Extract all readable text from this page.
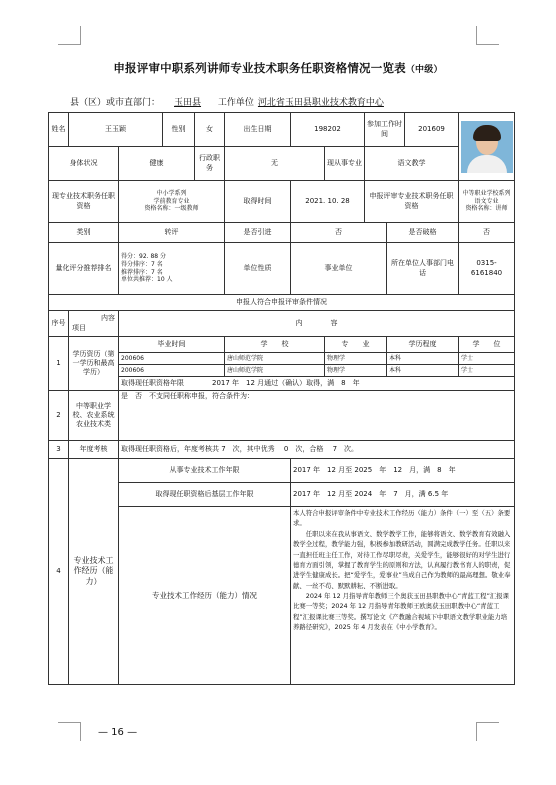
申报评审中职系列讲师专业技术职务任职资格情况一览表（中级）
县（区）或市直部门： 玉田县 工作单位 河北省玉田县职业技术教育中心
姓名	王玉颖		性别	女	出生日期	198202		参加工作时间		201609	

身体状况		健康		行政职务	无		现从事专业	语文教学			
现专业技术职务任职资格		中小学系列
学前教育专业
资格名称：一级教师			取得时间	2021. 10. 28		申报评审专业技术职务任职资格			中等职业学校系列
语文专业
资格名称：讲师
类别		转评			是否引进	否			是否破格		否
量化评分推荐排名		得分：92. 88 分
得分排序：7 名
推荐排序：7 名
单位共推荐：10 人			单位性质	事业单位			所在单位人事部门电话		0315-6161840
申报人符合申报评审条件情况											
序号	内容
项目	内　　　　容									
1	学历资历（第一学历和最高学历）	毕业时间			学　　校		专　　业		学历程度		学　　位
		200606			唐山师范学院		物理学		本科		学士
		200606			唐山师范学院		物理学		本科		学士
		取得现任职资格年限　　　　2017 年　12 月通过（确认）取得，满　8　年									
2	中等职业学校、农业系统农业技术类	是　否　不支同任职称申报，符合条件为：									
3	年度考核	取得现任职资格后，年度考核共 7　次，其中优秀　 0　次，合格　 7　次。									
4	专业技术工作经历（能力）	从事专业技术工作年限				2017 年　12 月至 2025　年　12　月，满　8　年					
		取得现任职资格后基层工作年限				2017 年　12 月至 2024　年　7　月，满 6.5 年					
		专业技术工作经历（能力）情况				本人符合申报评审条件中专业技术工作经历（能力）条件（一）至（五）条要求。
　　任职以来在我从事语文、数学教学工作，能够将语文、数学教育有效融入教学全过程，教学能力强，积极参加教研活动，圆满完成教学任务。任职以来一直担任班主任工作，对待工作尽职尽责，关爱学生，能够很好的对学生进行德育方面引领，掌握了教育学生的原则和方法，认真履行教书育人的职责，促进学生健康成长。把“爱学生，爱事业”当成自己作为教师的最高理想。敬业奉献、一丝不苟、默默耕耘、不断进取。
　　2024 年 12 月指导青年教师三个奥获玉田县职教中心“青蓝工程”汇报课比赛一等奖；2024 年 12 月指导青年教师王欧奥获玉田职教中心“青蓝工程”汇报课比赛三等奖。撰写论文《产教融合视域下中职语文教学职业能力培养路径研究》，2025 年 4 月发表在《中小学教育》。					
— 16 —
